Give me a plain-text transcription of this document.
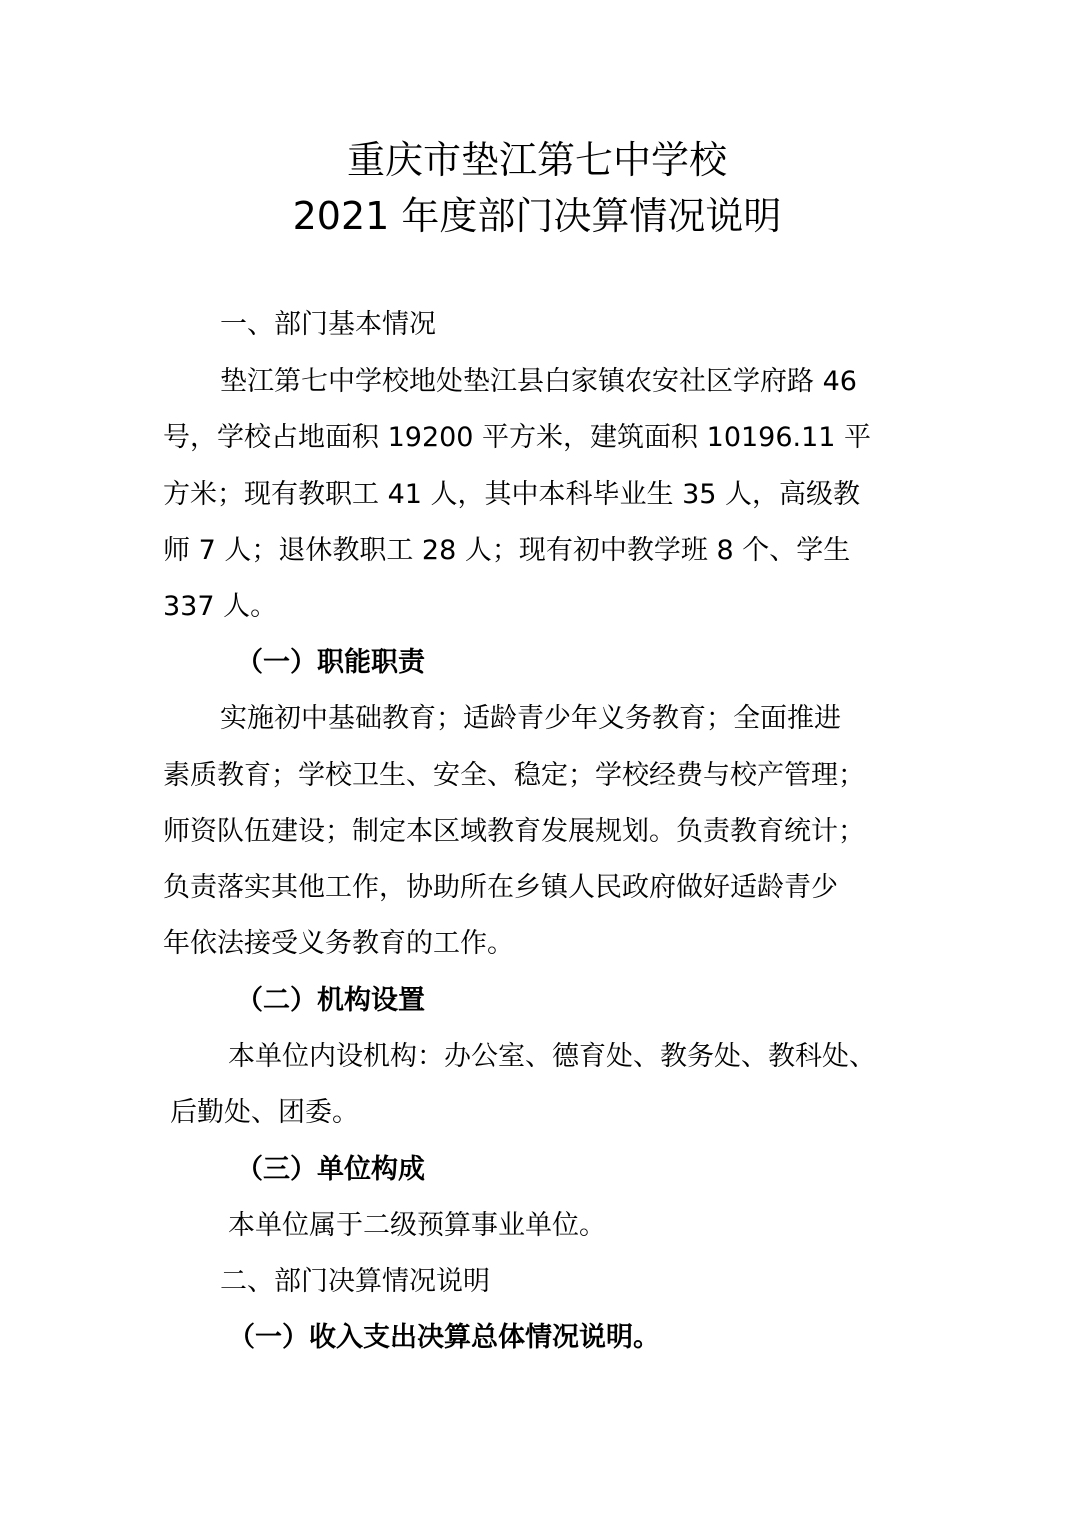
重庆市垫江第七中学校
2021 年度部门决算情况说明
一、部门基本情况
垫江第七中学校地处垫江县白家镇农安社区学府路 46
号，学校占地面积 19200 平方米，建筑面积 10196.11 平
方米；现有教职工 41 人，其中本科毕业生 35 人，高级教
师 7 人；退休教职工 28 人；现有初中教学班 8 个、学生
337 人。
（一）职能职责
实施初中基础教育；适龄青少年义务教育；全面推进
素质教育；学校卫生、安全、稳定；学校经费与校产管理；
师资队伍建设；制定本区域教育发展规划。负责教育统计；
负责落实其他工作，协助所在乡镇人民政府做好适龄青少
年依法接受义务教育的工作。
（二）机构设置
本单位内设机构：办公室、德育处、教务处、教科处、
后勤处、团委。
（三）单位构成
本单位属于二级预算事业单位。
二、部门决算情况说明
（一）收入支出决算总体情况说明。
